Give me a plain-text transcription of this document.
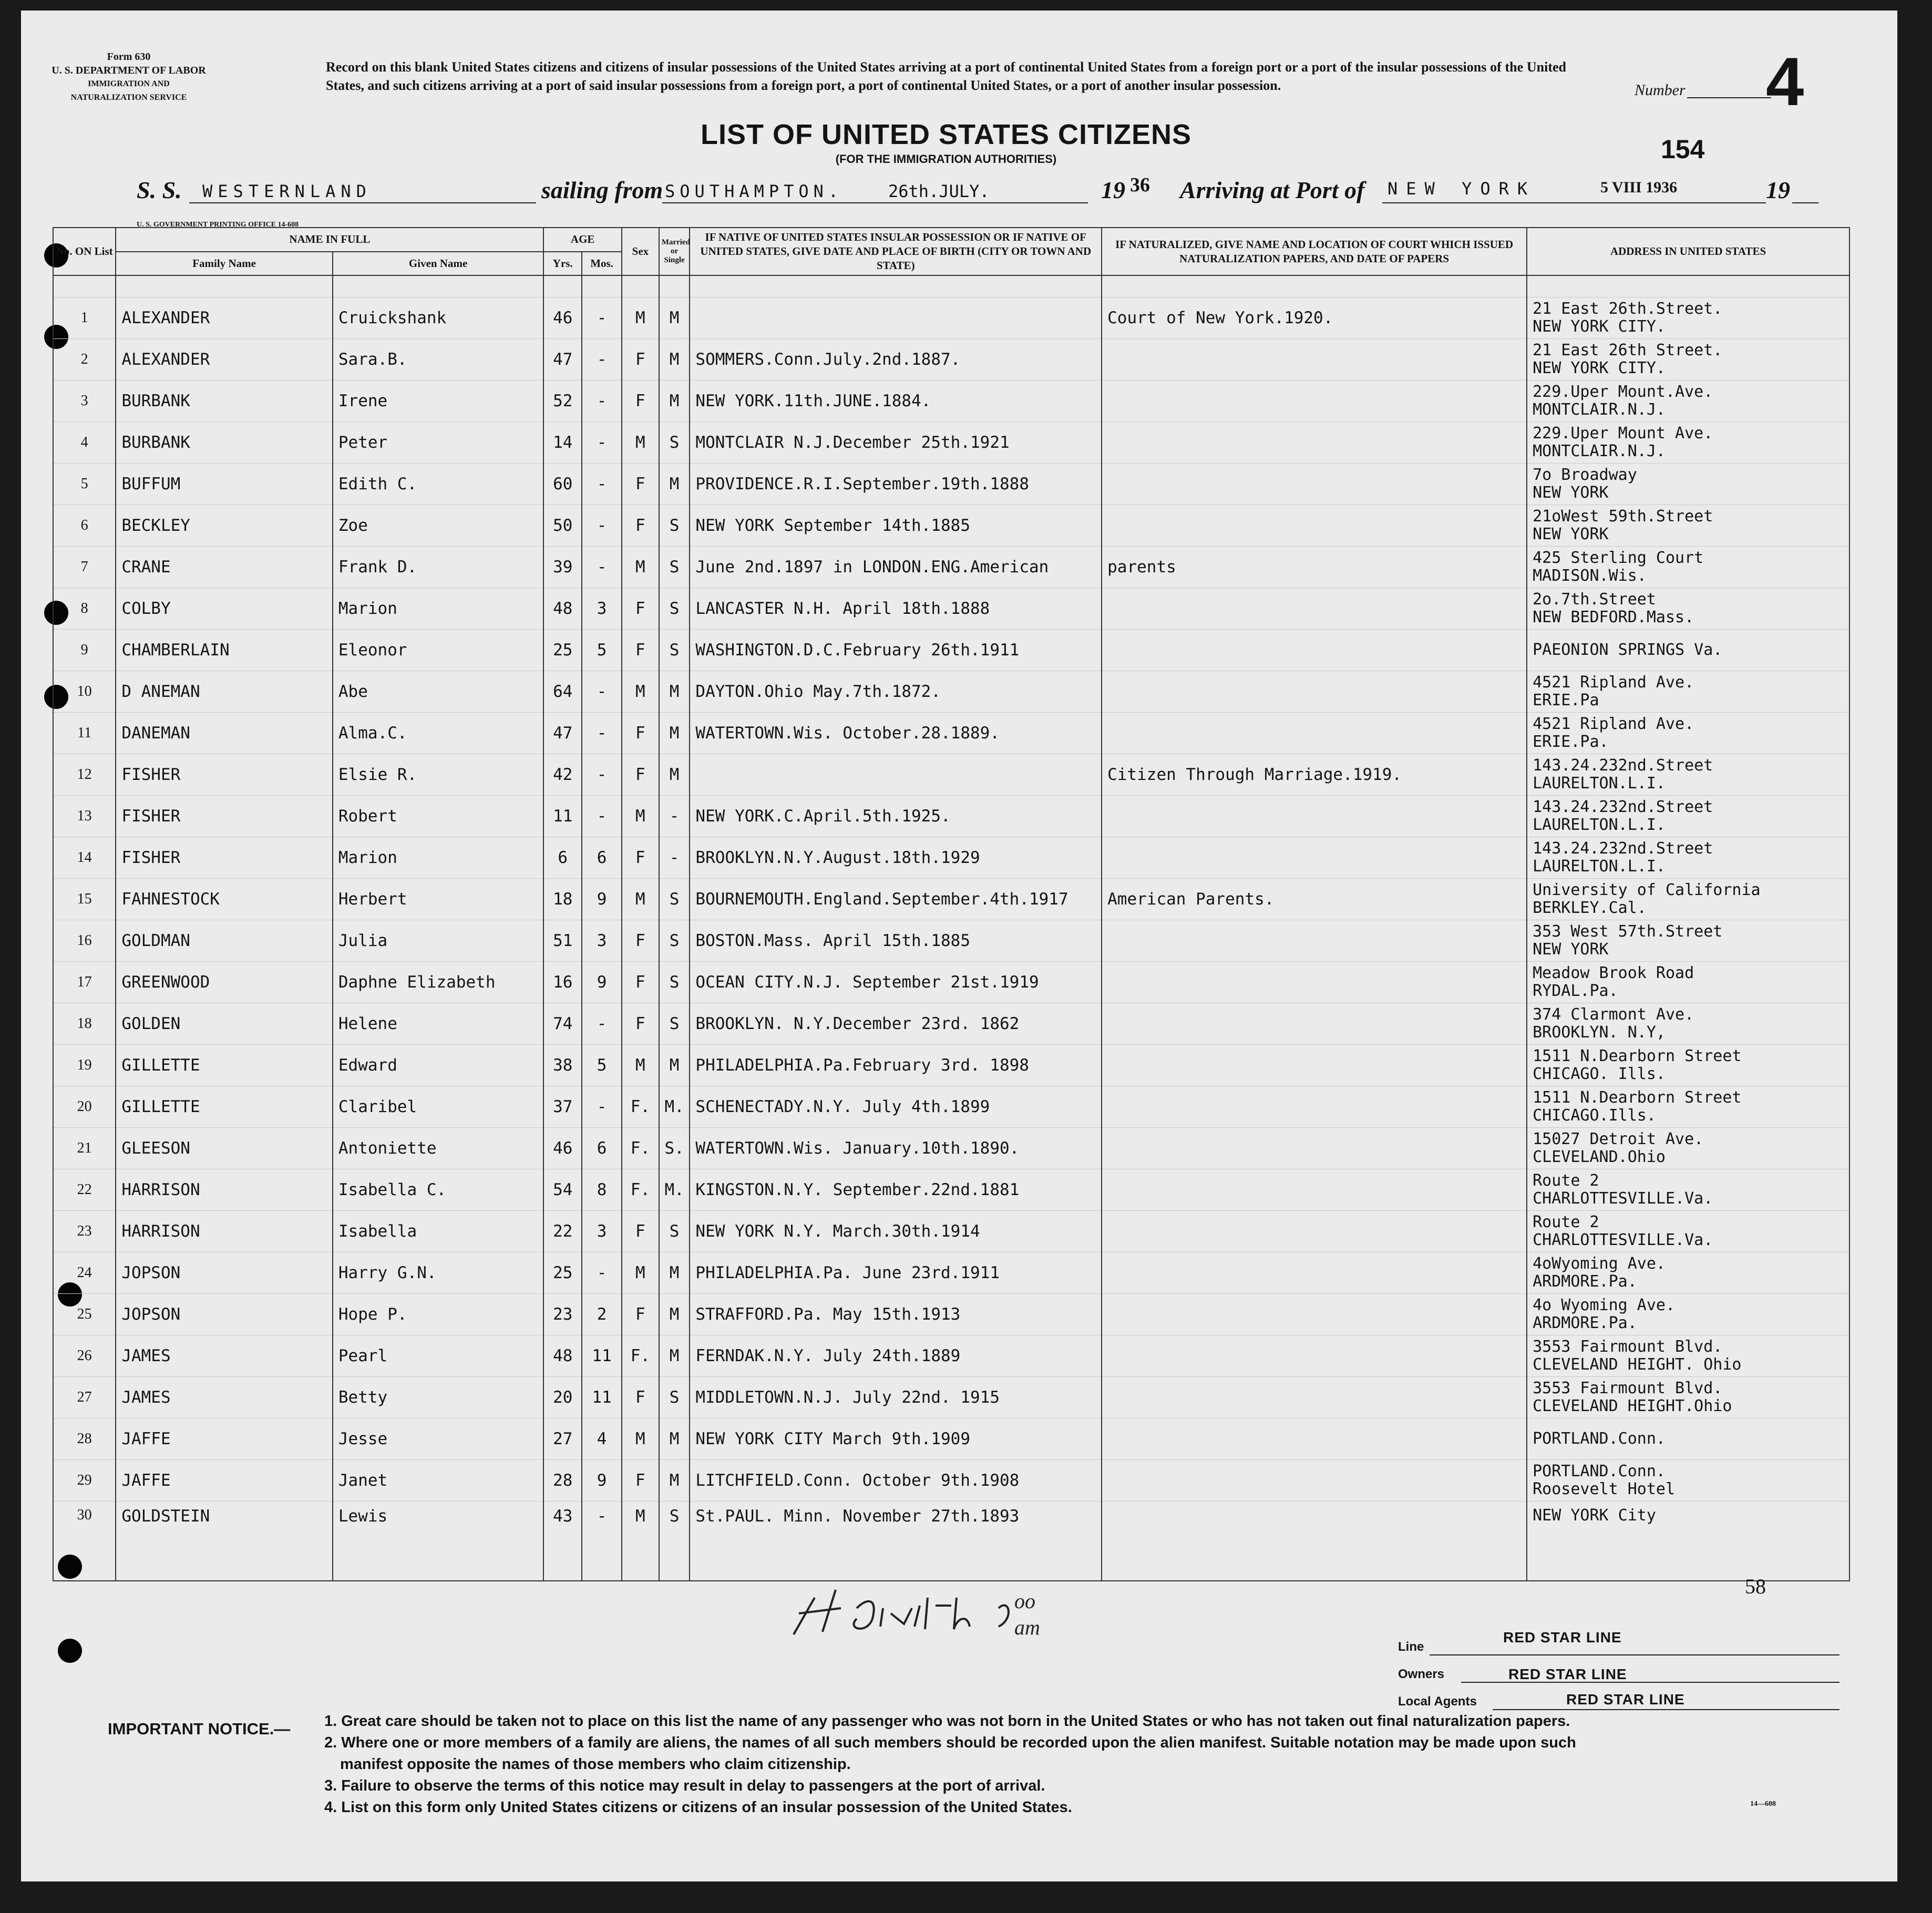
Form 630
U. S. DEPARTMENT OF LABOR
IMMIGRATION AND NATURALIZATION SERVICE
Record on this blank United States citizens and citizens of insular possessions of the United States arriving at a port of continental United States from a foreign port or a port of the insular possessions of the United States, and such citizens arriving at a port of said insular possessions from a foreign port, a port of continental United States, or a port of another insular possession.
LIST OF UNITED STATES CITIZENS
(FOR THE IMMIGRATION AUTHORITIES)
Number 4
154
S. S. WESTERNLAND	sailing from SOUTHAMPTON.	26th.JULY.	19 36 Arriving at Port of NEW YORK	5 VIII 1936	19
U. S. GOVERNMENT PRINTING OFFICE 14-608
No. ON List	NAME IN FULL		AGE		Sex	Married or Single	IF NATIVE OF UNITED STATES INSULAR POSSESSION OR IF NATIVE OF UNITED STATES, GIVE DATE AND PLACE OF BIRTH (CITY OR TOWN AND STATE)	IF NATURALIZED, GIVE NAME AND LOCATION OF COURT WHICH ISSUED NATURALIZATION PAPERS, AND DATE OF PAPERS	ADDRESS IN UNITED STATES
	Family Name	Given Name	Yrs.	Mos.					

1	ALEXANDER	Cruickshank	46	-	M	M		Court of New York.1920.	21 East 26th.Street.
NEW YORK CITY.

2	ALEXANDER	Sara.B.	47	-	F	M	SOMMERS.Conn.July.2nd.1887.		21 East 26th Street.
NEW YORK CITY.

3	BURBANK	Irene	52	-	F	M	NEW YORK.11th.JUNE.1884.		229.Uper Mount.Ave.
MONTCLAIR.N.J.

4	BURBANK	Peter	14	-	M	S	MONTCLAIR N.J.December 25th.1921		229.Uper Mount Ave.
MONTCLAIR.N.J.

5	BUFFUM	Edith C.	60	-	F	M	PROVIDENCE.R.I.September.19th.1888		7o Broadway
NEW YORK

6	BECKLEY	Zoe	50	-	F	S	NEW YORK September 14th.1885		21oWest 59th.Street
NEW YORK

7	CRANE	Frank D.	39	-	M	S	June 2nd.1897 in LONDON.ENG.American	parents	425 Sterling Court
MADISON.Wis.

8	COLBY	Marion	48	3	F	S	LANCASTER N.H. April 18th.1888		2o.7th.Street
NEW BEDFORD.Mass.

9	CHAMBERLAIN	Eleonor	25	5	F	S	WASHINGTON.D.C.February 26th.1911		PAEONION SPRINGS Va.

10	D ANEMAN	Abe	64	-	M	M	DAYTON.Ohio May.7th.1872.		4521 Ripland Ave.
ERIE.Pa

11	DANEMAN	Alma.C.	47	-	F	M	WATERTOWN.Wis. October.28.1889.		4521 Ripland Ave.
ERIE.Pa.

12	FISHER	Elsie R.	42	-	F	M		Citizen Through Marriage.1919.	143.24.232nd.Street
LAURELTON.L.I.

13	FISHER	Robert	11	-	M	-	NEW YORK.C.April.5th.1925.		143.24.232nd.Street
LAURELTON.L.I.

14	FISHER	Marion	6	6	F	-	BROOKLYN.N.Y.August.18th.1929		143.24.232nd.Street
LAURELTON.L.I.

15	FAHNESTOCK	Herbert	18	9	M	S	BOURNEMOUTH.England.September.4th.1917	American Parents.	University of California
BERKLEY.Cal.

16	GOLDMAN	Julia	51	3	F	S	BOSTON.Mass. April 15th.1885		353 West 57th.Street
NEW YORK

17	GREENWOOD	Daphne Elizabeth	16	9	F	S	OCEAN CITY.N.J. September 21st.1919		Meadow Brook Road
RYDAL.Pa.

18	GOLDEN	Helene	74	-	F	S	BROOKLYN. N.Y.December 23rd. 1862		374 Clarmont Ave.
BROOKLYN. N.Y,

19	GILLETTE	Edward	38	5	M	M	PHILADELPHIA.Pa.February 3rd. 1898		1511 N.Dearborn Street
CHICAGO. Ills.

20	GILLETTE	Claribel	37	-	F.	M.	SCHENECTADY.N.Y. July 4th.1899		1511 N.Dearborn Street
CHICAGO.Ills.

21	GLEESON	Antoniette	46	6	F.	S.	WATERTOWN.Wis. January.10th.1890.		15027 Detroit Ave.
CLEVELAND.Ohio

22	HARRISON	Isabella C.	54	8	F.	M.	KINGSTON.N.Y. September.22nd.1881		Route 2
CHARLOTTESVILLE.Va.

23	HARRISON	Isabella	22	3	F	S	NEW YORK N.Y. March.30th.1914		Route 2
CHARLOTTESVILLE.Va.

24	JOPSON	Harry G.N.	25	-	M	M	PHILADELPHIA.Pa. June 23rd.1911		4oWyoming Ave.
ARDMORE.Pa.

25	JOPSON	Hope P.	23	2	F	M	STRAFFORD.Pa. May 15th.1913		4o Wyoming Ave.
ARDMORE.Pa.

26	JAMES	Pearl	48	11	F.	M	FERNDAK.N.Y. July 24th.1889		3553 Fairmount Blvd.
CLEVELAND HEIGHT. Ohio

27	JAMES	Betty	20	11	F	S	MIDDLETOWN.N.J. July 22nd. 1915		3553 Fairmount Blvd.
CLEVELAND HEIGHT.Ohio

28	JAFFE	Jesse	27	4	M	M	NEW YORK CITY March 9th.1909		PORTLAND.Conn.

29	JAFFE	Janet	28	9	F	M	LITCHFIELD.Conn. October 9th.1908		PORTLAND.Conn.
Roosevelt Hotel

30	GOLDSTEIN	Lewis	43	-	M	S	St.PAUL. Minn. November 27th.1893		NEW YORK City
58
oo
am
Line
RED STAR LINE
Owners	RED STAR LINE
Local Agents	RED STAR LINE
IMPORTANT NOTICE.— 1. Great care should be taken not to place on this list the name of any passenger who was not born in the United States or who has not taken out final naturalization papers.
2. Where one or more members of a family are aliens, the names of all such members should be recorded upon the alien manifest. Suitable notation may be made upon such
manifest opposite the names of those members who claim citizenship.
3. Failure to observe the terms of this notice may result in delay to passengers at the port of arrival.
4. List on this form only United States citizens or citizens of an insular possession of the United States.	14—608
